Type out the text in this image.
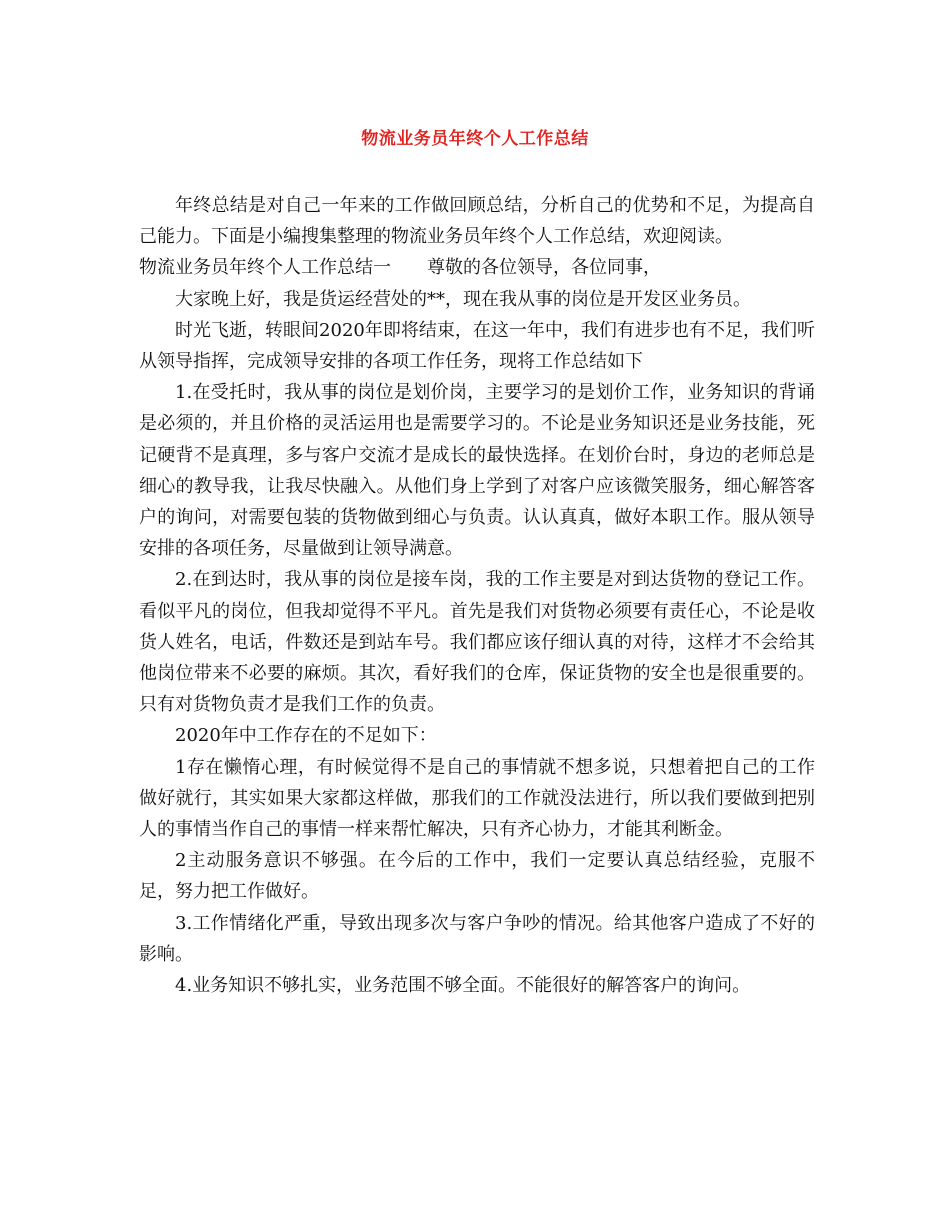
物流业务员年终个人工作总结

年终总结是对自己一年来的工作做回顾总结，分析自己的优势和不足，为提高自己能力。下面是小编搜集整理的物流业务员年终个人工作总结，欢迎阅读。

物流业务员年终个人工作总结一 尊敬的各位领导，各位同事，

大家晚上好，我是货运经营处的**，现在我从事的岗位是开发区业务员。

时光飞逝，转眼间2020年即将结束，在这一年中，我们有进步也有不足，我们听从领导指挥，完成领导安排的各项工作任务，现将工作总结如下

1.在受托时，我从事的岗位是划价岗，主要学习的是划价工作，业务知识的背诵是必须的，并且价格的灵活运用也是需要学习的。不论是业务知识还是业务技能，死记硬背不是真理，多与客户交流才是成长的最快选择。在划价台时，身边的老师总是细心的教导我，让我尽快融入。从他们身上学到了对客户应该微笑服务，细心解答客户的询问，对需要包装的货物做到细心与负责。认认真真，做好本职工作。服从领导安排的各项任务，尽量做到让领导满意。

2.在到达时，我从事的岗位是接车岗，我的工作主要是对到达货物的登记工作。看似平凡的岗位，但我却觉得不平凡。首先是我们对货物必须要有责任心，不论是收货人姓名，电话，件数还是到站车号。我们都应该仔细认真的对待，这样才不会给其他岗位带来不必要的麻烦。其次，看好我们的仓库，保证货物的安全也是很重要的。只有对货物负责才是我们工作的负责。

2020年中工作存在的不足如下：

1存在懒惰心理，有时候觉得不是自己的事情就不想多说，只想着把自己的工作做好就行，其实如果大家都这样做，那我们的工作就没法进行，所以我们要做到把别人的事情当作自己的事情一样来帮忙解决，只有齐心协力，才能其利断金。

2主动服务意识不够强。在今后的工作中，我们一定要认真总结经验，克服不足，努力把工作做好。

3.工作情绪化严重，导致出现多次与客户争吵的情况。给其他客户造成了不好的影响。

4.业务知识不够扎实，业务范围不够全面。不能很好的解答客户的询问。
